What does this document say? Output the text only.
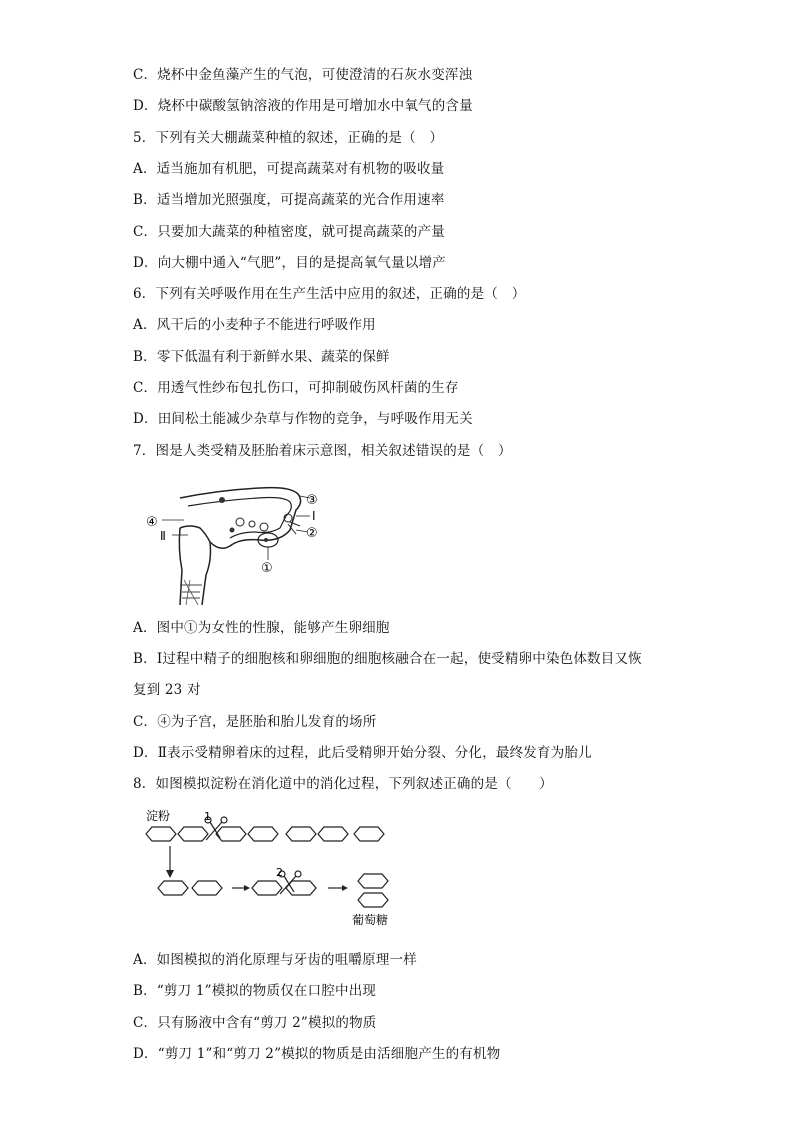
C．烧杯中金鱼藻产生的气泡，可使澄清的石灰水变浑浊
D．烧杯中碳酸氢钠溶液的作用是可增加水中氧气的含量
5．下列有关大棚蔬菜种植的叙述，正确的是（　）
A．适当施加有机肥，可提高蔬菜对有机物的吸收量
B．适当增加光照强度，可提高蔬菜的光合作用速率
C．只要加大蔬菜的种植密度，就可提高蔬菜的产量
D．向大棚中通入“气肥”，目的是提高氧气量以增产
6．下列有关呼吸作用在生产生活中应用的叙述，正确的是（　）
A．风干后的小麦种子不能进行呼吸作用
B．零下低温有利于新鲜水果、蔬菜的保鲜
C．用透气性纱布包扎伤口，可抑制破伤风杆菌的生存
D．田间松土能减少杂草与作物的竞争，与呼吸作用无关
7．图是人类受精及胚胎着床示意图，相关叙述错误的是（　）
③
Ⅰ
②
①
④
Ⅱ
A．图中①为女性的性腺，能够产生卵细胞
B．Ⅰ过程中精子的细胞核和卵细胞的细胞核融合在一起，使受精卵中染色体数目又恢
复到 23 对
C．④为子宫，是胚胎和胎儿发育的场所
D．Ⅱ表示受精卵着床的过程，此后受精卵开始分裂、分化，最终发育为胎儿
8．如图模拟淀粉在消化道中的消化过程，下列叙述正确的是（　　）
淀粉	1
2
葡萄糖
A．如图模拟的消化原理与牙齿的咀嚼原理一样
B．“剪刀 1”模拟的物质仅在口腔中出现
C．只有肠液中含有“剪刀 2”模拟的物质
D．“剪刀 1”和“剪刀 2”模拟的物质是由活细胞产生的有机物
